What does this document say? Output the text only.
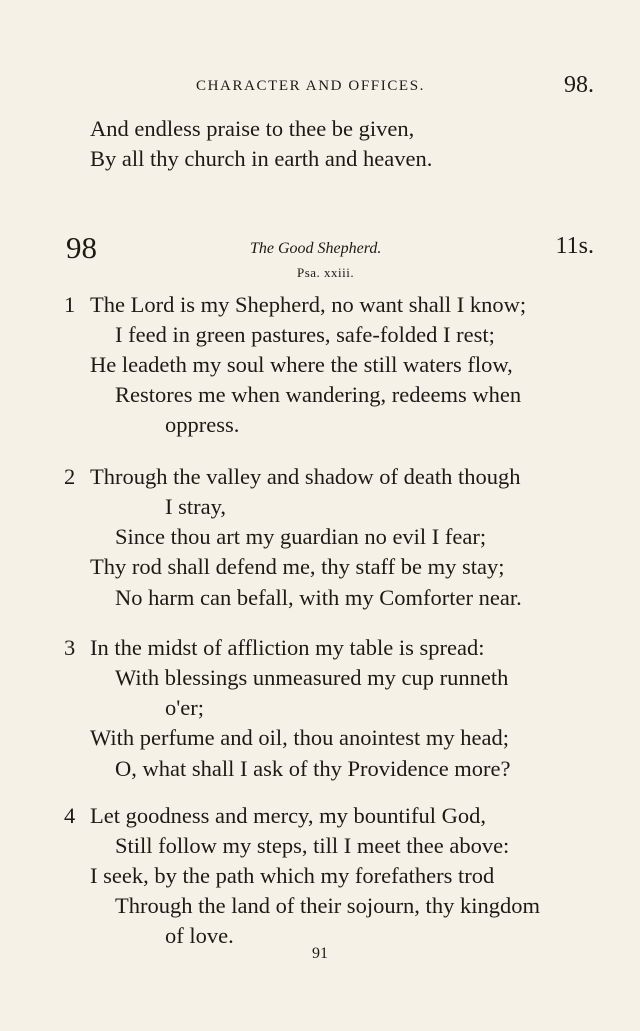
CHARACTER AND OFFICES.	98.
And endless praise to thee be given,
By all thy church in earth and heaven.
98	The Good Shepherd.	11s.
Psa. xxiii.
1 The Lord is my Shepherd, no want shall I know;
I feed in green pastures, safe-folded I rest;
He leadeth my soul where the still waters flow,
Restores me when wandering, redeems when
oppress.
2 Through the valley and shadow of death though
I stray,
Since thou art my guardian no evil I fear;
Thy rod shall defend me, thy staff be my stay;
No harm can befall, with my Comforter near.
3 In the midst of affliction my table is spread:
With blessings unmeasured my cup runneth
o'er;
With perfume and oil, thou anointest my head;
O, what shall I ask of thy Providence more?
4 Let goodness and mercy, my bountiful God,
Still follow my steps, till I meet thee above:
I seek, by the path which my forefathers trod
Through the land of their sojourn, thy kingdom
of love.
91
